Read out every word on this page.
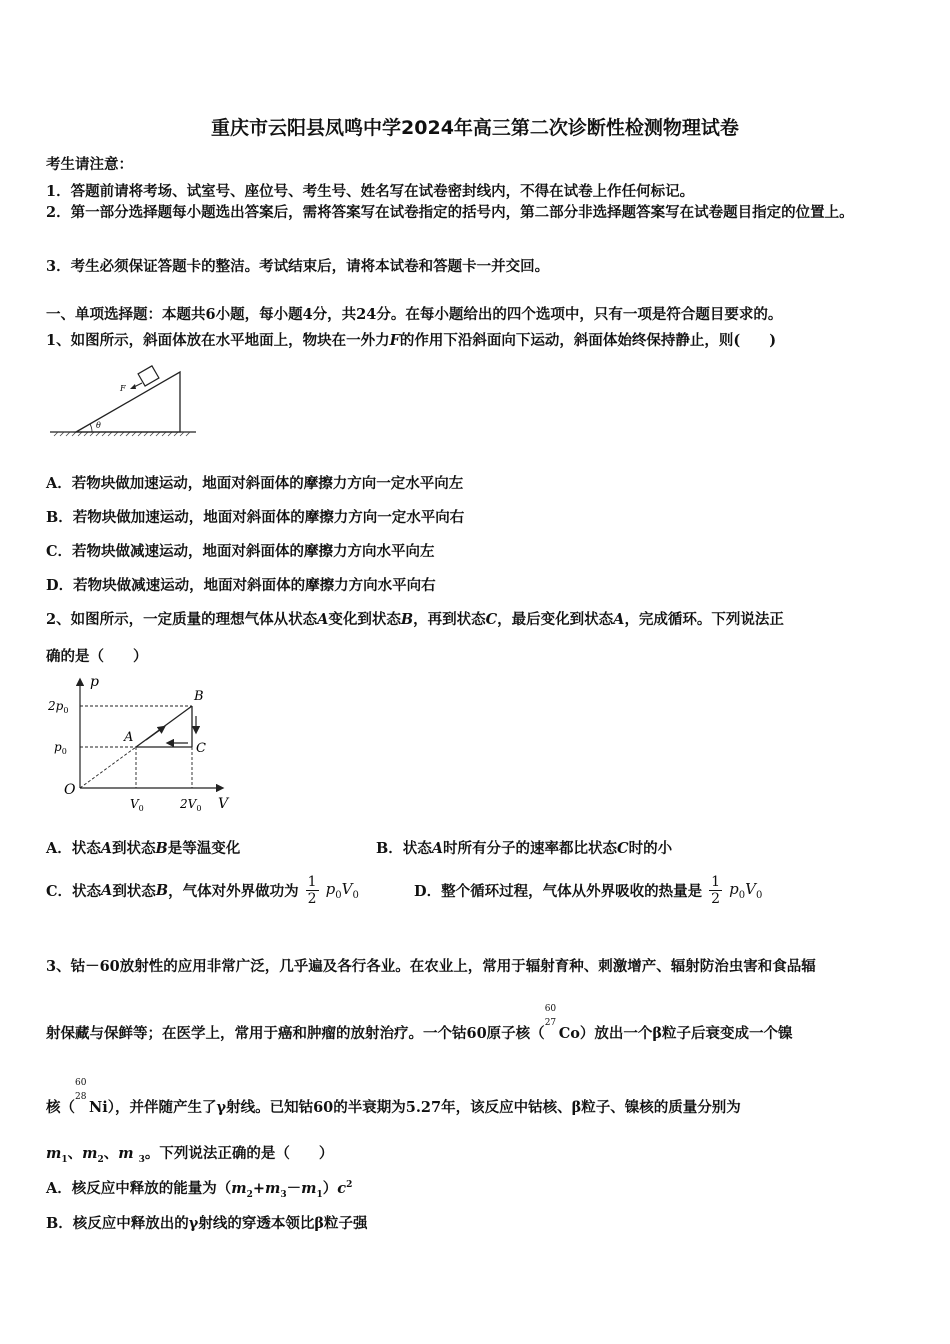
重庆市云阳县凤鸣中学2024年高三第二次诊断性检测物理试卷
考生请注意：
1．答题前请将考场、试室号、座位号、考生号、姓名写在试卷密封线内，不得在试卷上作任何标记。
2．第一部分选择题每小题选出答案后，需将答案写在试卷指定的括号内，第二部分非选择题答案写在试卷题目指定的位置上。
3．考生必须保证答题卡的整洁。考试结束后，请将本试卷和答题卡一并交回。
一、单项选择题：本题共6小题，每小题4分，共24分。在每小题给出的四个选项中，只有一项是符合题目要求的。
1、如图所示，斜面体放在水平地面上，物块在一外力F的作用下沿斜面向下运动，斜面体始终保持静止，则(　　)
θ
F
A．若物块做加速运动，地面对斜面体的摩擦力方向一定水平向左
B．若物块做加速运动，地面对斜面体的摩擦力方向一定水平向右
C．若物块做减速运动，地面对斜面体的摩擦力方向水平向左
D．若物块做减速运动，地面对斜面体的摩擦力方向水平向右
2、如图所示，一定质量的理想气体从状态A变化到状态B，再到状态C，最后变化到状态A，完成循环。下列说法正
确的是（　　）
p
V
O
A
B
C
$2p_0$
$p_0$
$V_0$	$2V_0$
A．状态A到状态B是等温变化	B．状态A时所有分子的速率都比状态C时的小
C．状态A到状态B，气体对外界做功为 $\frac{1}{2} p_0V_0$	D．整个循环过程，气体从外界吸收的热量是 $\frac{1}{2} p_0V_0$
3、钴－60放射性的应用非常广泛，几乎遍及各行各业。在农业上，常用于辐射育种、刺激增产、辐射防治虫害和食品辐
射保藏与保鲜等；在医学上，常用于癌和肿瘤的放射治疗。一个钴60原子核（
60
27
Co）放出一个β粒子后衰变成一个镍
核（
60
28
Ni），并伴随产生了γ射线。已知钴60的半衰期为5.27年，该反应中钴核、β粒子、镍核的质量分别为
$m_1$、$m_2$、m $_3$。下列说法正确的是（　　）
A．核反应中释放的能量为$(m_2+m_3-m_1)c^2$
B．核反应中释放出的γ射线的穿透本领比β粒子强
